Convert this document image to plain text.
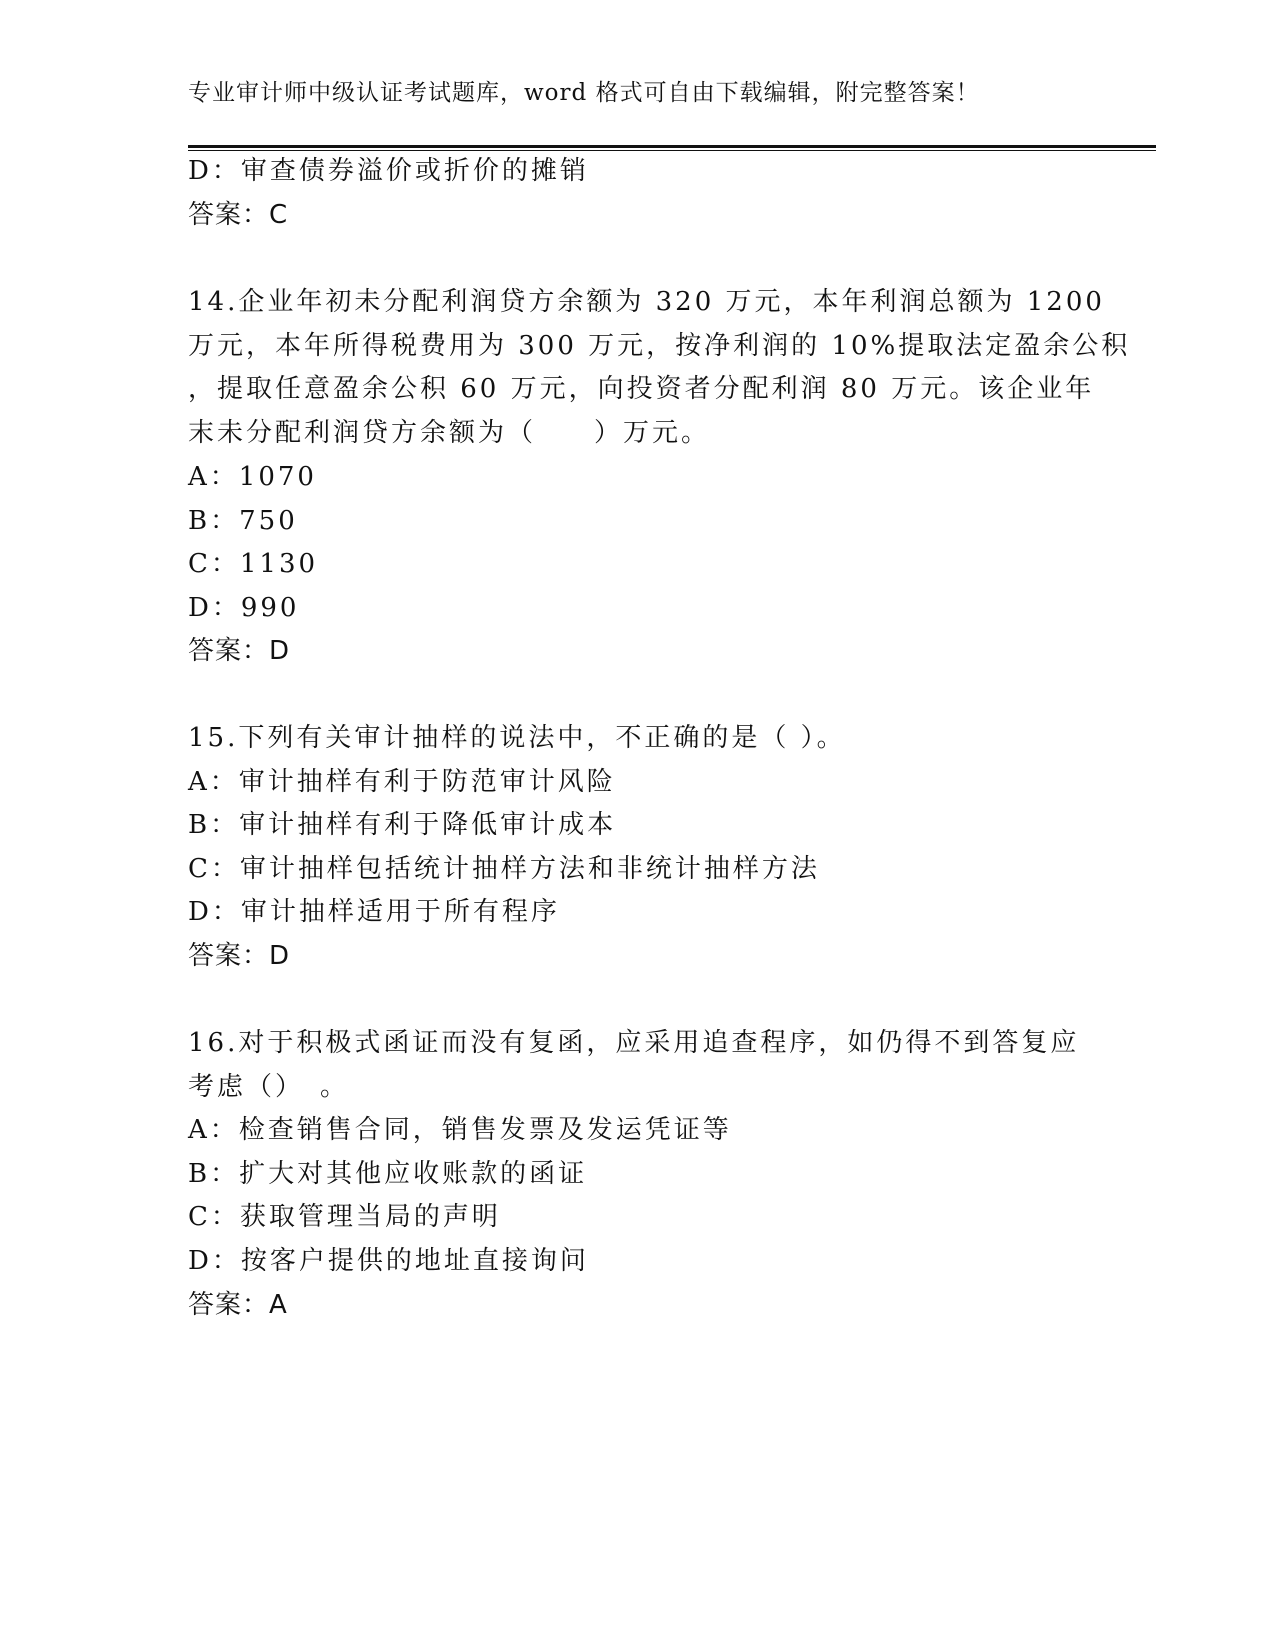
专业审计师中级认证考试题库，word 格式可自由下载编辑，附完整答案！
D：审查债券溢价或折价的摊销
答案：C
14.企业年初未分配利润贷方余额为 320 万元，本年利润总额为 1200
万元，本年所得税费用为 300 万元，按净利润的 10%提取法定盈余公积
，提取任意盈余公积 60 万元，向投资者分配利润 80 万元。该企业年
末未分配利润贷方余额为（　　）万元。
A：1070
B：750
C：1130
D：990
答案：D
15.下列有关审计抽样的说法中，不正确的是（ ）。
A：审计抽样有利于防范审计风险
B：审计抽样有利于降低审计成本
C：审计抽样包括统计抽样方法和非统计抽样方法
D：审计抽样适用于所有程序
答案：D
16.对于积极式函证而没有复函，应采用追查程序，如仍得不到答复应
考虑（）　。
A：检查销售合同，销售发票及发运凭证等
B：扩大对其他应收账款的函证
C：获取管理当局的声明
D：按客户提供的地址直接询问
答案：A
